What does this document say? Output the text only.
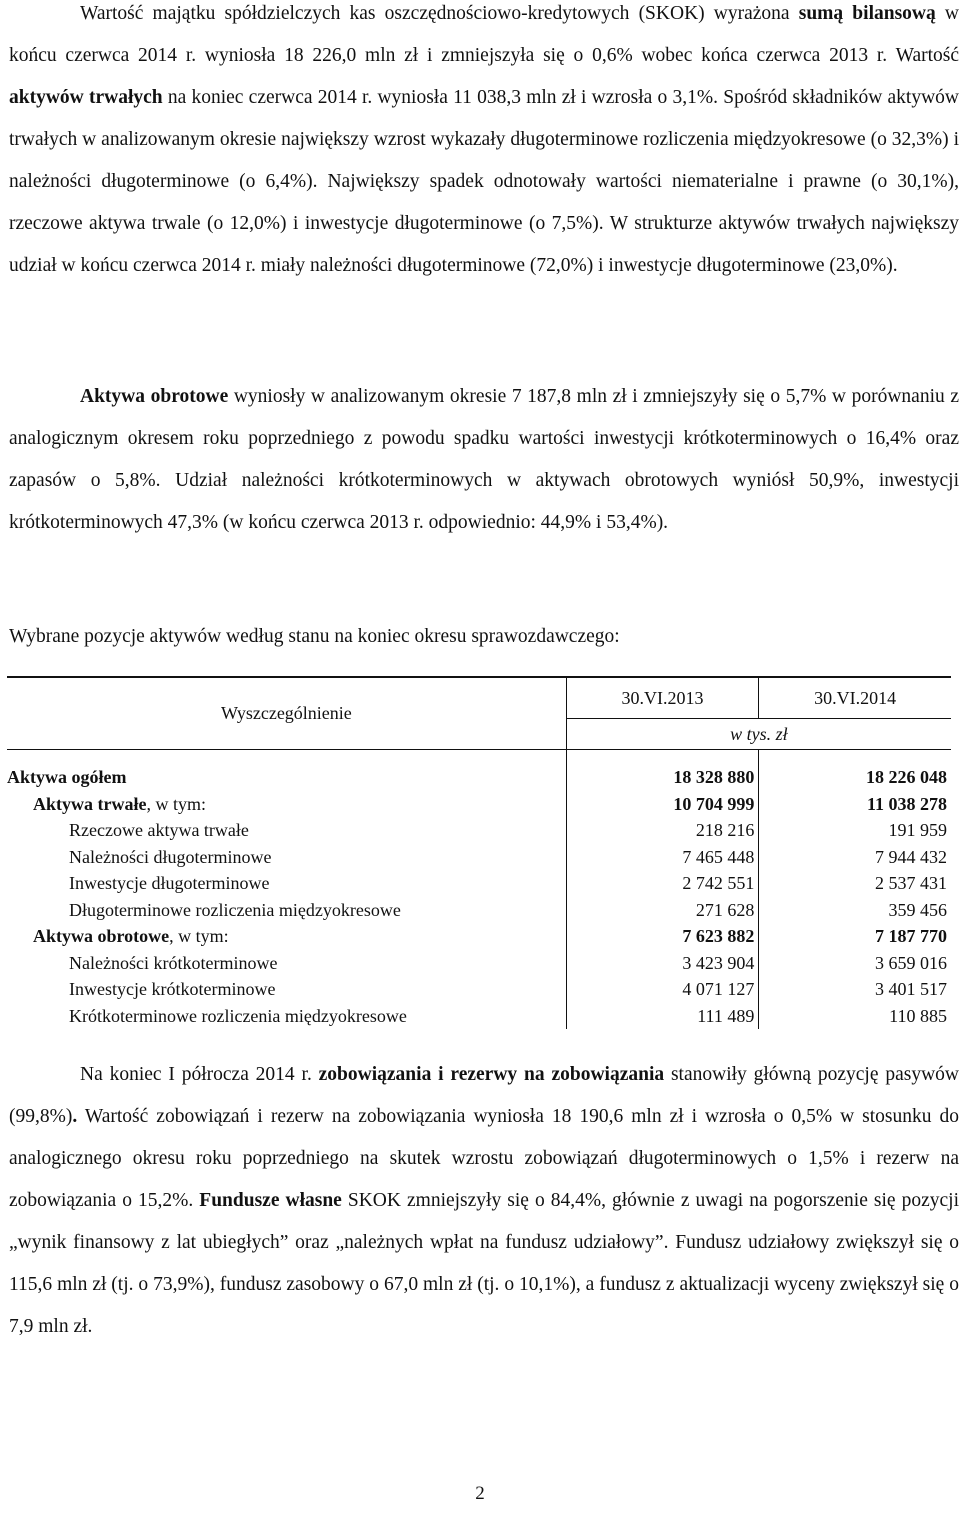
Wartość majątku spółdzielczych kas oszczędnościowo-kredytowych (SKOK) wyrażona sumą bilansową w końcu czerwca 2014 r. wyniosła 18 226,0 mln zł i zmniejszyła się o 0,6% wobec końca czerwca 2013 r. Wartość aktywów trwałych na koniec czerwca 2014 r. wyniosła 11 038,3 mln zł i wzrosła o 3,1%. Spośród składników aktywów trwałych w analizowanym okresie największy wzrost wykazały długoterminowe rozliczenia międzyokresowe (o 32,3%) i należności długoterminowe (o 6,4%). Największy spadek odnotowały wartości niematerialne i prawne (o 30,1%), rzeczowe aktywa trwale (o 12,0%) i inwestycje długoterminowe (o 7,5%). W strukturze aktywów trwałych największy udział w końcu czerwca 2014 r. miały należności długoterminowe (72,0%) i inwestycje długoterminowe (23,0%).

Aktywa obrotowe wyniosły w analizowanym okresie 7 187,8 mln zł i zmniejszyły się o 5,7% w porównaniu z analogicznym okresem roku poprzedniego z powodu spadku wartości inwestycji krótkoterminowych o 16,4% oraz zapasów o 5,8%. Udział należności krótkoterminowych w aktywach obrotowych wyniósł 50,9%, inwestycji krótkoterminowych 47,3% (w końcu czerwca 2013 r. odpowiednio: 44,9% i 53,4%).

Wybrane pozycje aktywów według stanu na koniec okresu sprawozdawczego:

Wyszczególnienie	30.VI.2013	30.VI.2014
	w tys. zł	

Aktywa ogółem	18 328 880	18 226 048
Aktywa trwałe, w tym:	10 704 999	11 038 278
Rzeczowe aktywa trwałe	218 216	191 959
Należności długoterminowe	7 465 448	7 944 432
Inwestycje długoterminowe	2 742 551	2 537 431
Długoterminowe rozliczenia międzyokresowe	271 628	359 456
Aktywa obrotowe, w tym:	7 623 882	7 187 770
Należności krótkoterminowe	3 423 904	3 659 016
Inwestycje krótkoterminowe	4 071 127	3 401 517
Krótkoterminowe rozliczenia międzyokresowe	111 489	110 885

Na koniec I półrocza 2014 r. zobowiązania i rezerwy na zobowiązania stanowiły główną pozycję pasywów (99,8%). Wartość zobowiązań i rezerw na zobowiązania wyniosła 18 190,6 mln zł i wzrosła o 0,5% w stosunku do analogicznego okresu roku poprzedniego na skutek wzrostu zobowiązań długoterminowych o 1,5% i rezerw na zobowiązania o 15,2%. Fundusze własne SKOK zmniejszyły się o 84,4%, głównie z uwagi na pogorszenie się pozycji „wynik finansowy z lat ubiegłych” oraz „należnych wpłat na fundusz udziałowy”. Fundusz udziałowy zwiększył się o 115,6 mln zł (tj. o 73,9%), fundusz zasobowy o 67,0 mln zł (tj. o 10,1%), a fundusz z aktualizacji wyceny zwiększył się o 7,9 mln zł.

2
